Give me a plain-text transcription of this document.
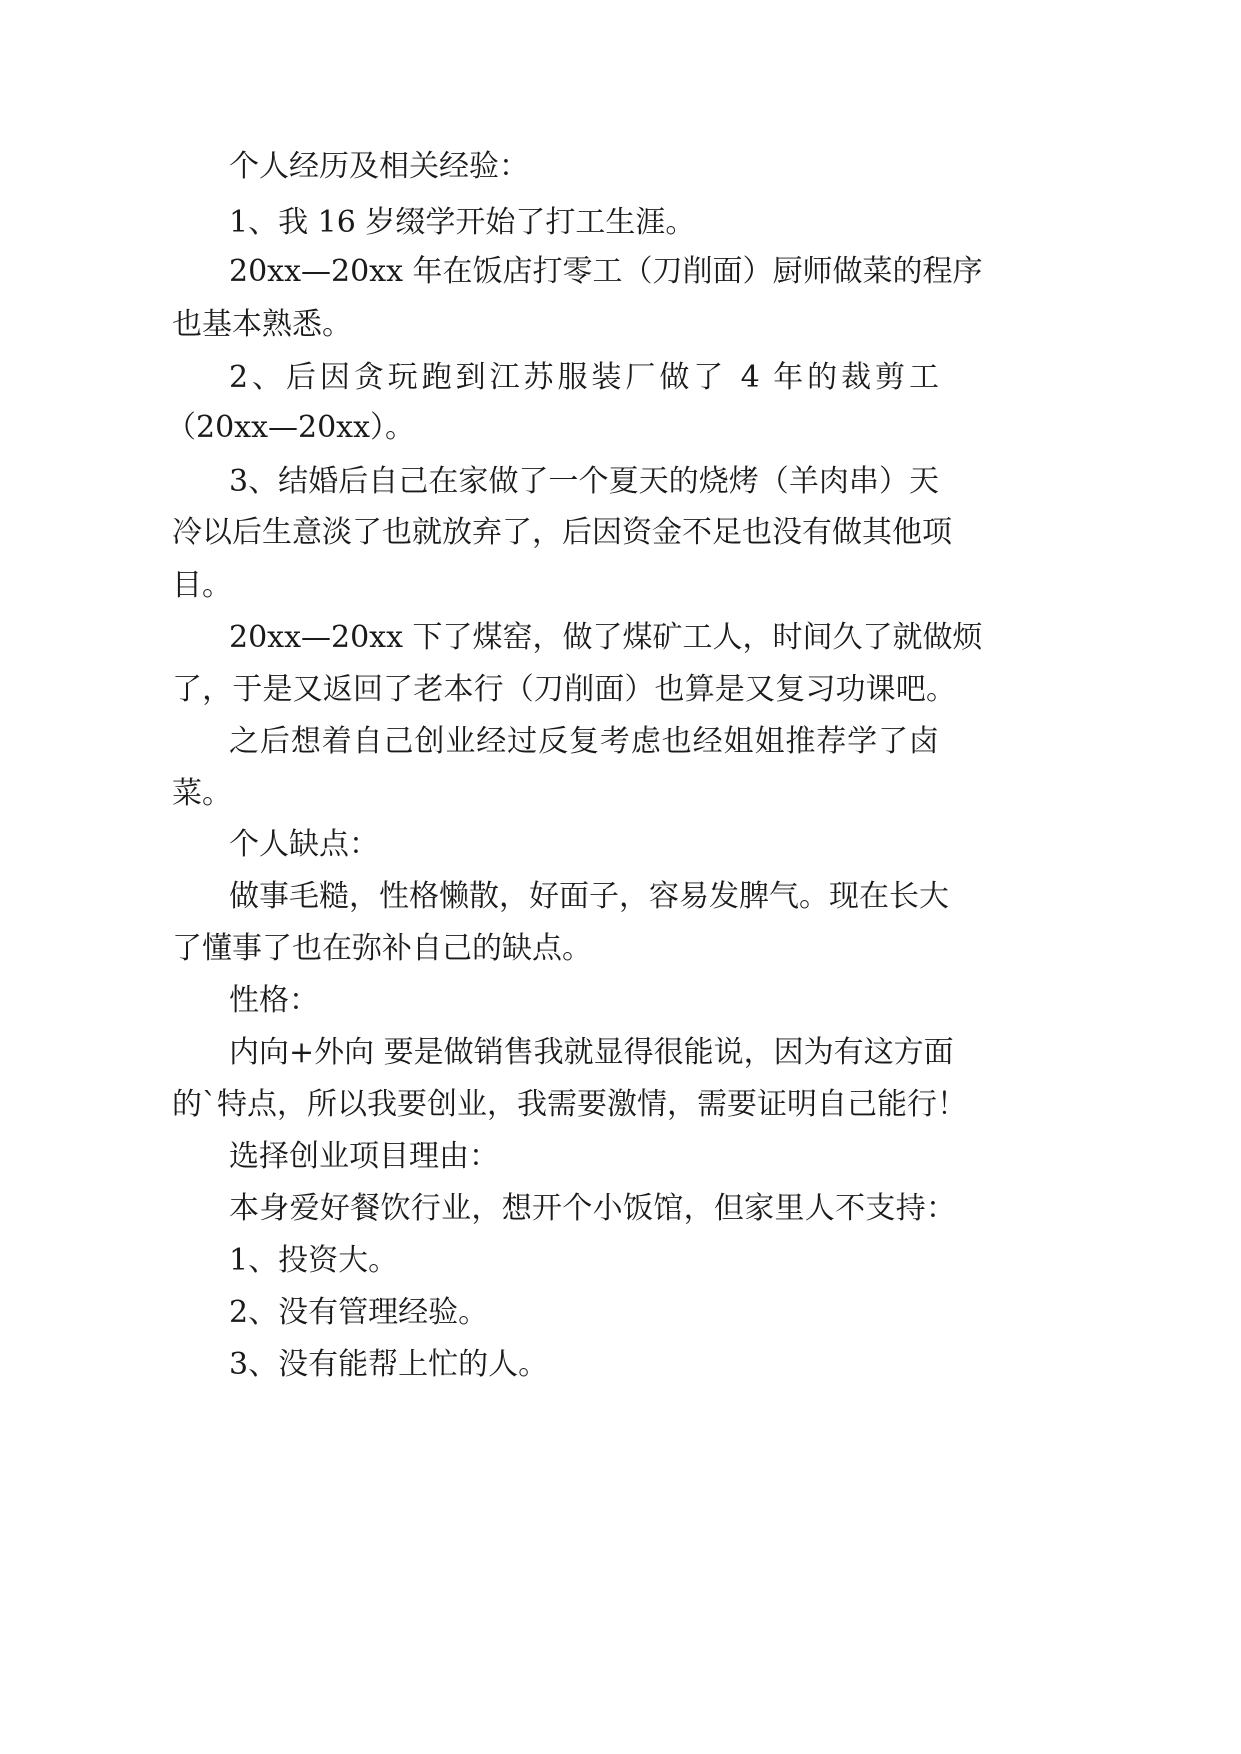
个人经历及相关经验：
1、我 16 岁缀学开始了打工生涯。
20xx—20xx 年在饭店打零工（刀削面）厨师做菜的程序
也基本熟悉。
2、后因贪玩跑到江苏服装厂做了 4 年的裁剪工
（20xx—20xx）。
3、结婚后自己在家做了一个夏天的烧烤（羊肉串）天
冷以后生意淡了也就放弃了，后因资金不足也没有做其他项
目。
20xx—20xx 下了煤窑，做了煤矿工人，时间久了就做烦
了，于是又返回了老本行（刀削面）也算是又复习功课吧。
之后想着自己创业经过反复考虑也经姐姐推荐学了卤
菜。
个人缺点：
做事毛糙，性格懒散，好面子，容易发脾气。现在长大
了懂事了也在弥补自己的缺点。
性格：
内向+外向 要是做销售我就显得很能说，因为有这方面
的`特点，所以我要创业，我需要激情，需要证明自己能行！
选择创业项目理由：
本身爱好餐饮行业，想开个小饭馆，但家里人不支持：
1、投资大。
2、没有管理经验。
3、没有能帮上忙的人。
